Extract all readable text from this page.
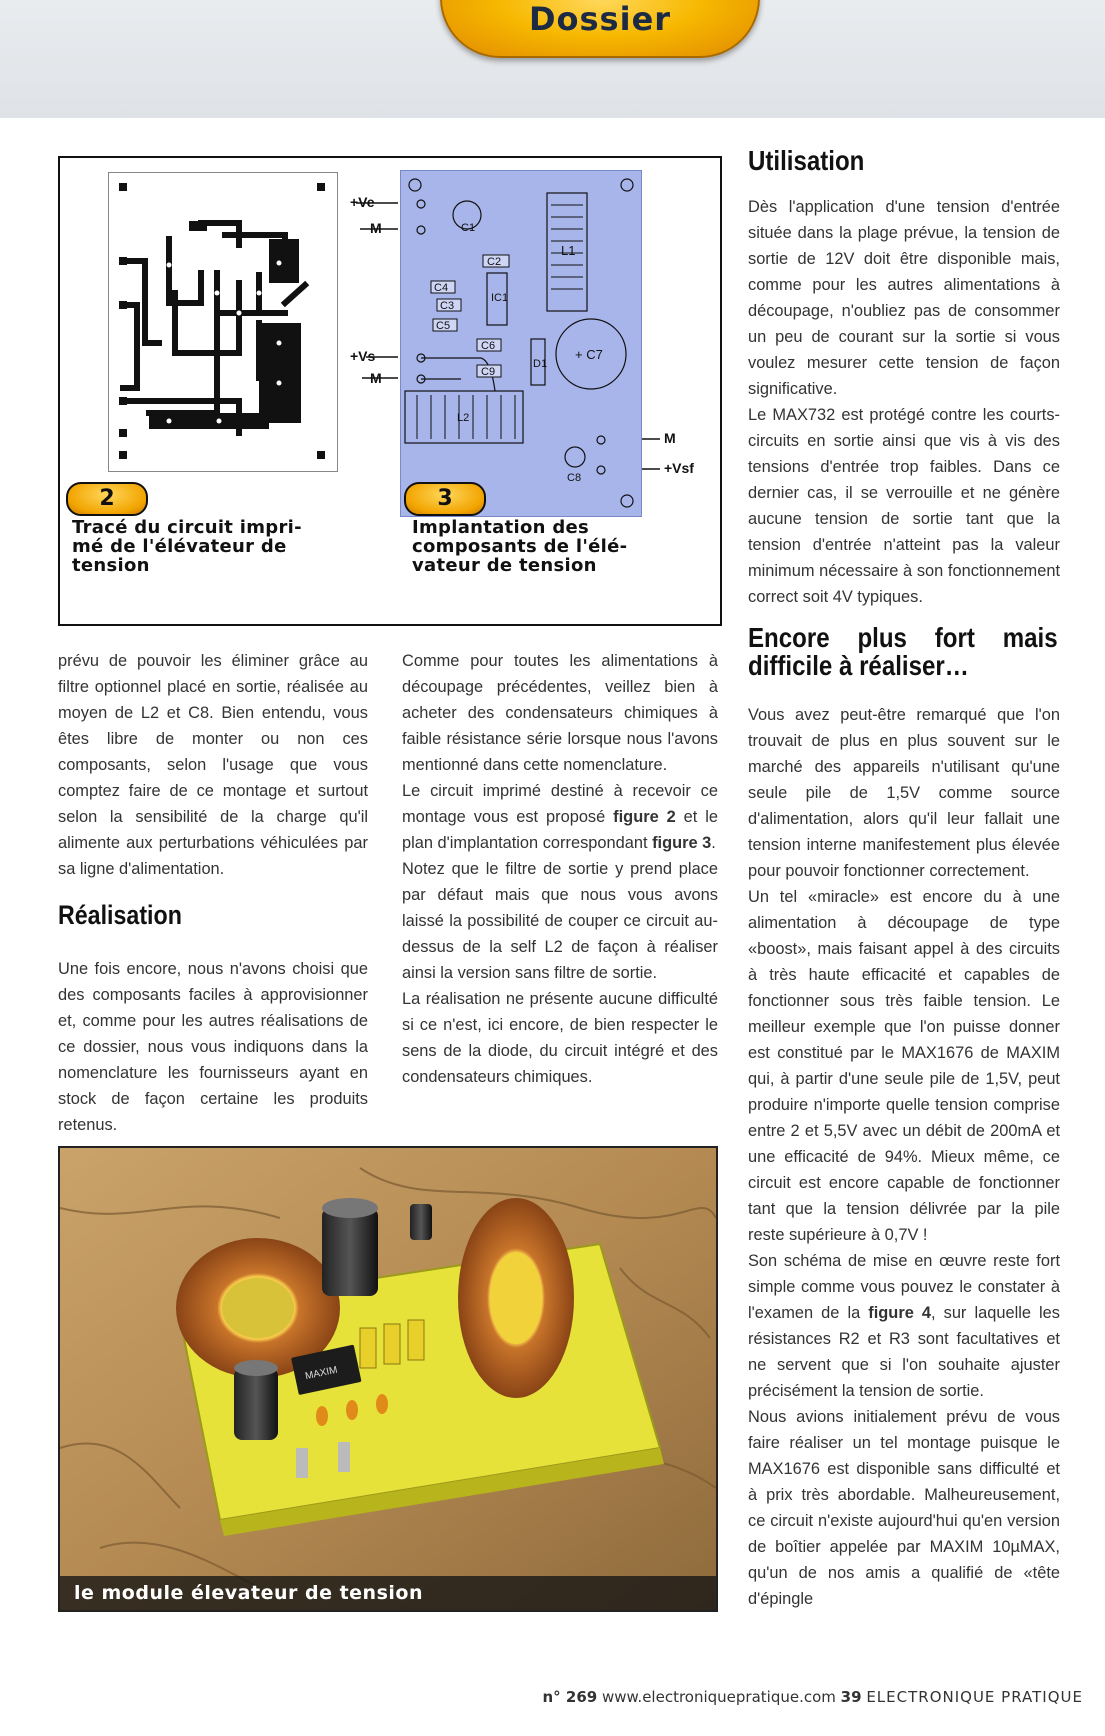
Dossier
2
Tracé du circuit impri-
mé de l'élévateur de
tension
+Ve
M
+Vs
M
M
+Vsf
C1
C2
C4
C3
C5
C6
C9
IC1
D1
L1
L2
+ C7
C8
3
Implantation des
composants de l'élé-
vateur de tension

prévu de pouvoir les éliminer grâce au filtre optionnel placé en sortie, réalisée au moyen de L2 et C8. Bien entendu, vous êtes libre de monter ou non ces composants, selon l'usage que vous comptez faire de ce montage et surtout selon la sensibilité de la charge qu'il alimente aux perturbations véhiculées par sa ligne d'alimentation.

Réalisation

Une fois encore, nous n'avons choisi que des composants faciles à approvisionner et, comme pour les autres réalisations de ce dossier, nous vous indiquons dans la nomenclature les fournisseurs ayant en stock de façon certaine les produits retenus.

Comme pour toutes les alimentations à découpage précédentes, veillez bien à acheter des condensateurs chimiques à faible résistance série lorsque nous l'avons mentionné dans cette nomenclature.

Le circuit imprimé destiné à recevoir ce montage vous est proposé figure 2 et le plan d'implantation correspondant figure 3.

Notez que le filtre de sortie y prend place par défaut mais que nous vous avons laissé la possibilité de couper ce circuit au-dessus de la self L2 de façon à réaliser ainsi la version sans filtre de sortie.

La réalisation ne présente aucune difficulté si ce n'est, ici encore, de bien respecter le sens de la diode, du circuit intégré et des condensateurs chimiques.

Utilisation

Dès l'application d'une tension d'entrée située dans la plage prévue, la tension de sortie de 12V doit être disponible mais, comme pour les autres alimentations à découpage, n'oubliez pas de consommer un peu de courant sur la sortie si vous voulez mesurer cette tension de façon significative.

Le MAX732 est protégé contre les courts-circuits en sortie ainsi que vis à vis des tensions d'entrée trop faibles. Dans ce dernier cas, il se verrouille et ne génère aucune tension de sortie tant que la tension d'entrée n'atteint pas la valeur minimum nécessaire à son fonctionnement correct soit 4V typiques.

Encore plus fort mais difficile à réaliser…

Vous avez peut-être remarqué que l'on trouvait de plus en plus souvent sur le marché des appareils n'utilisant qu'une seule pile de 1,5V comme source d'alimentation, alors qu'il leur fallait une tension interne manifestement plus élevée pour pouvoir fonctionner correctement.

Un tel «miracle» est encore du à une alimentation à découpage de type «boost», mais faisant appel à des circuits à très haute efficacité et capables de fonctionner sous très faible tension. Le meilleur exemple que l'on puisse donner est constitué par le MAX1676 de MAXIM qui, à partir d'une seule pile de 1,5V, peut produire n'importe quelle tension comprise entre 2 et 5,5V avec un débit de 200mA et une efficacité de 94%. Mieux même, ce circuit est encore capable de fonctionner tant que la tension délivrée par la pile reste supérieure à 0,7V !

Son schéma de mise en œuvre reste fort simple comme vous pouvez le constater à l'examen de la figure 4, sur laquelle les résistances R2 et R3 sont facultatives et ne servent que si l'on souhaite ajuster précisément la tension de sortie.

Nous avions initialement prévu de vous faire réaliser un tel montage puisque le MAX1676 est disponible sans difficulté et à prix très abordable. Malheureusement, ce circuit n'existe aujourd'hui qu'en version de boîtier appelée par MAXIM 10µMAX, qu'un de nos amis a qualifié de «tête d'épingle

MAXIM
le module élevateur de tension
n° 269 www.electroniquepratique.com 39 ELECTRONIQUE PRATIQUE
